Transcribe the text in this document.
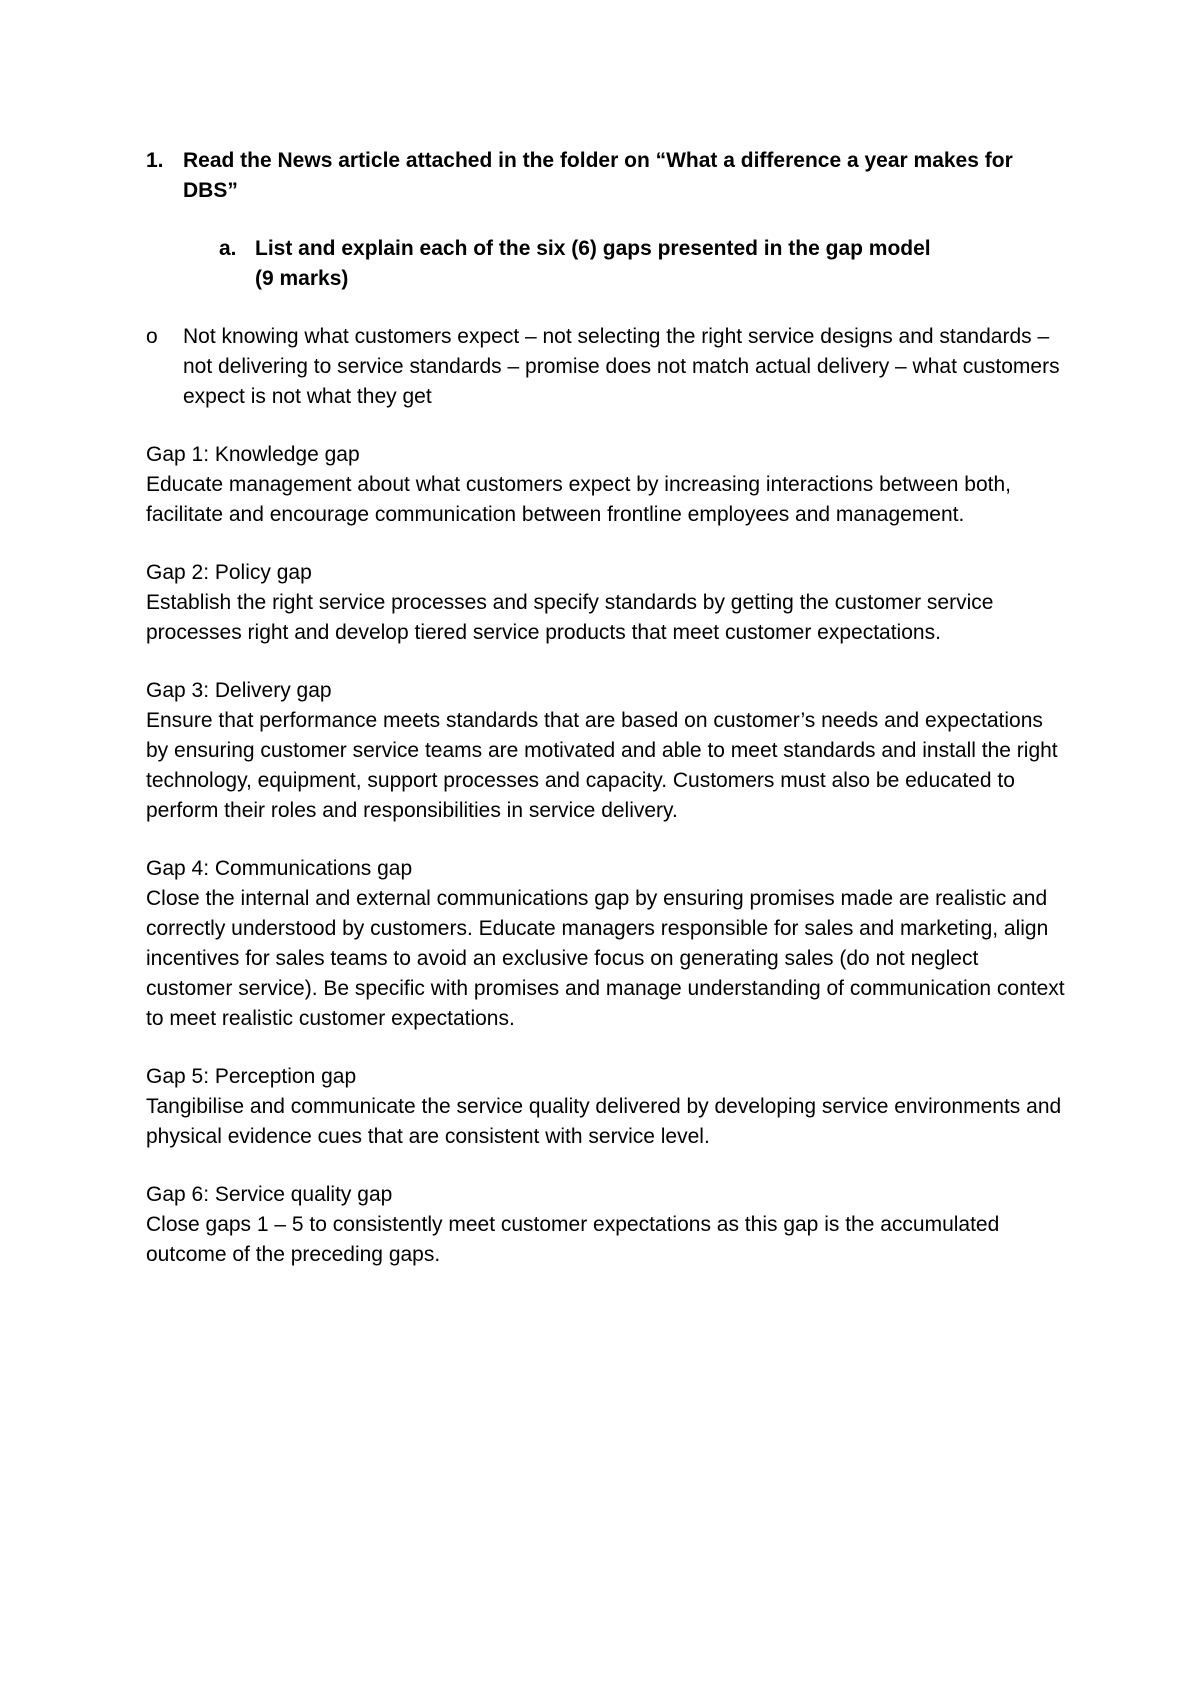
1. Read the News article attached in the folder on “What a difference a year makes for DBS”
a. List and explain each of the six (6) gaps presented in the gap model
(9 marks)
o	Not knowing what customers expect – not selecting the right service designs and standards – not delivering to service standards – promise does not match actual delivery – what customers expect is not what they get
Gap 1: Knowledge gap
Educate management about what customers expect by increasing interactions between both, facilitate and encourage communication between frontline employees and management.
Gap 2: Policy gap
Establish the right service processes and specify standards by getting the customer service processes right and develop tiered service products that meet customer expectations.
Gap 3: Delivery gap
Ensure that performance meets standards that are based on customer’s needs and expectations by ensuring customer service teams are motivated and able to meet standards and install the right technology, equipment, support processes and capacity. Customers must also be educated to perform their roles and responsibilities in service delivery.
Gap 4: Communications gap
Close the internal and external communications gap by ensuring promises made are realistic and correctly understood by customers. Educate managers responsible for sales and marketing, align incentives for sales teams to avoid an exclusive focus on generating sales (do not neglect customer service). Be specific with promises and manage understanding of communication context to meet realistic customer expectations.
Gap 5: Perception gap
Tangibilise and communicate the service quality delivered by developing service environments and physical evidence cues that are consistent with service level.
Gap 6: Service quality gap
Close gaps 1 – 5 to consistently meet customer expectations as this gap is the accumulated outcome of the preceding gaps.
